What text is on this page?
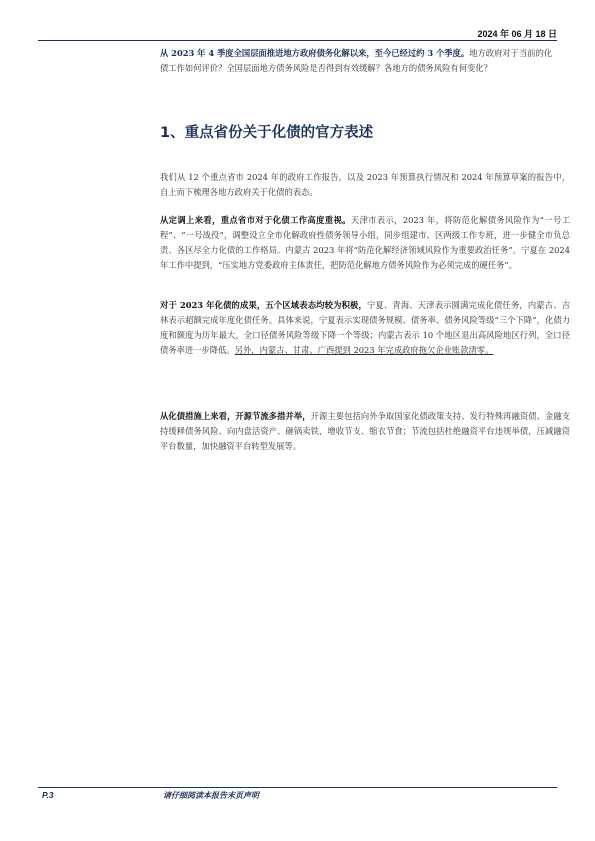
2024 年 06 月 18 日
从 2023 年 4 季度全国层面推进地方政府债务化解以来，至今已经过约 3 个季度。地方政府对于当前的化债工作如何评价？全国层面地方债务风险是否得到有效缓解？各地方的债务风险有何变化？
1、重点省份关于化债的官方表述
我们从 12 个重点省市 2024 年的政府工作报告，以及 2023 年预算执行情况和 2024 年预算草案的报告中，自上而下梳理各地方政府关于化债的表态。
从定调上来看，重点省市对于化债工作高度重视。天津市表示，2023 年，将防范化解债务风险作为“一号工程”、“一号战役”，调整设立全市化解政府性债务领导小组，同步组建市、区两级工作专班，进一步健全市负总责、各区尽全力化债的工作格局。内蒙古 2023 年将“防范化解经济领域风险作为重要政治任务”。宁夏在 2024 年工作中提到，“压实地方党委政府主体责任，把防范化解地方债务风险作为必须完成的硬任务”。
对于 2023 年化债的成果，五个区域表态均较为积极，宁夏、青海、天津表示圆满完成化债任务，内蒙古、吉林表示超额完成年度化债任务。具体来说，宁夏表示实现债务规模、债务率、债务风险等级“三个下降”，化债力度和额度为历年最大，全口径债务风险等级下降一个等级；内蒙古表示 10 个地区退出高风险地区行列，全口径债务率进一步降低。另外，内蒙古、甘肃、广西提到 2023 年完成政府拖欠企业账款清零。
从化债措施上来看，开源节流多措并举，开源主要包括向外争取国家化债政策支持、发行特殊再融资债、金融支持缓释债务风险、向内盘活资产、砸锅卖铁，增收节支、缩衣节食；节流包括杜绝融资平台违规举债，压减融资平台数量，加快融资平台转型发展等。
P.3	请仔细阅读本报告末页声明
